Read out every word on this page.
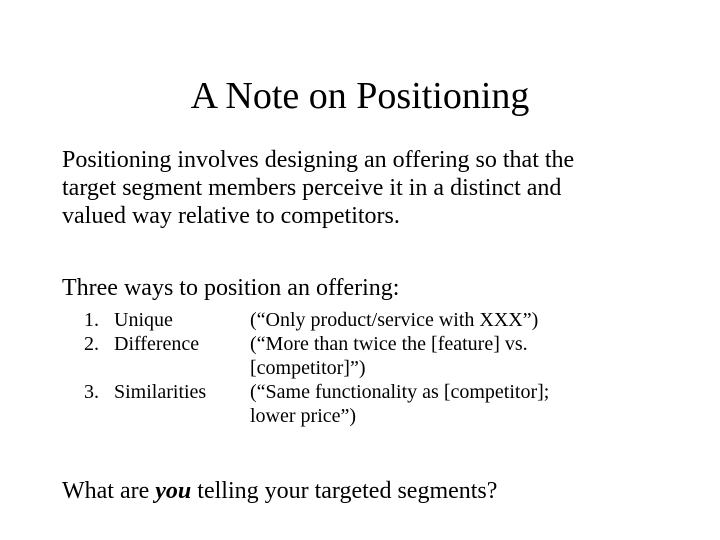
A Note on Positioning
Positioning involves designing an offering so that the
target segment members perceive it in a distinct and
valued way relative to competitors.
Three ways to position an offering:
1. Unique	(“Only product/service with XXX”)
2. Difference	(“More than twice the [feature] vs.
[competitor]”)
3. Similarities (“Same functionality as [competitor];
lower price”)
What are you telling your targeted segments?
